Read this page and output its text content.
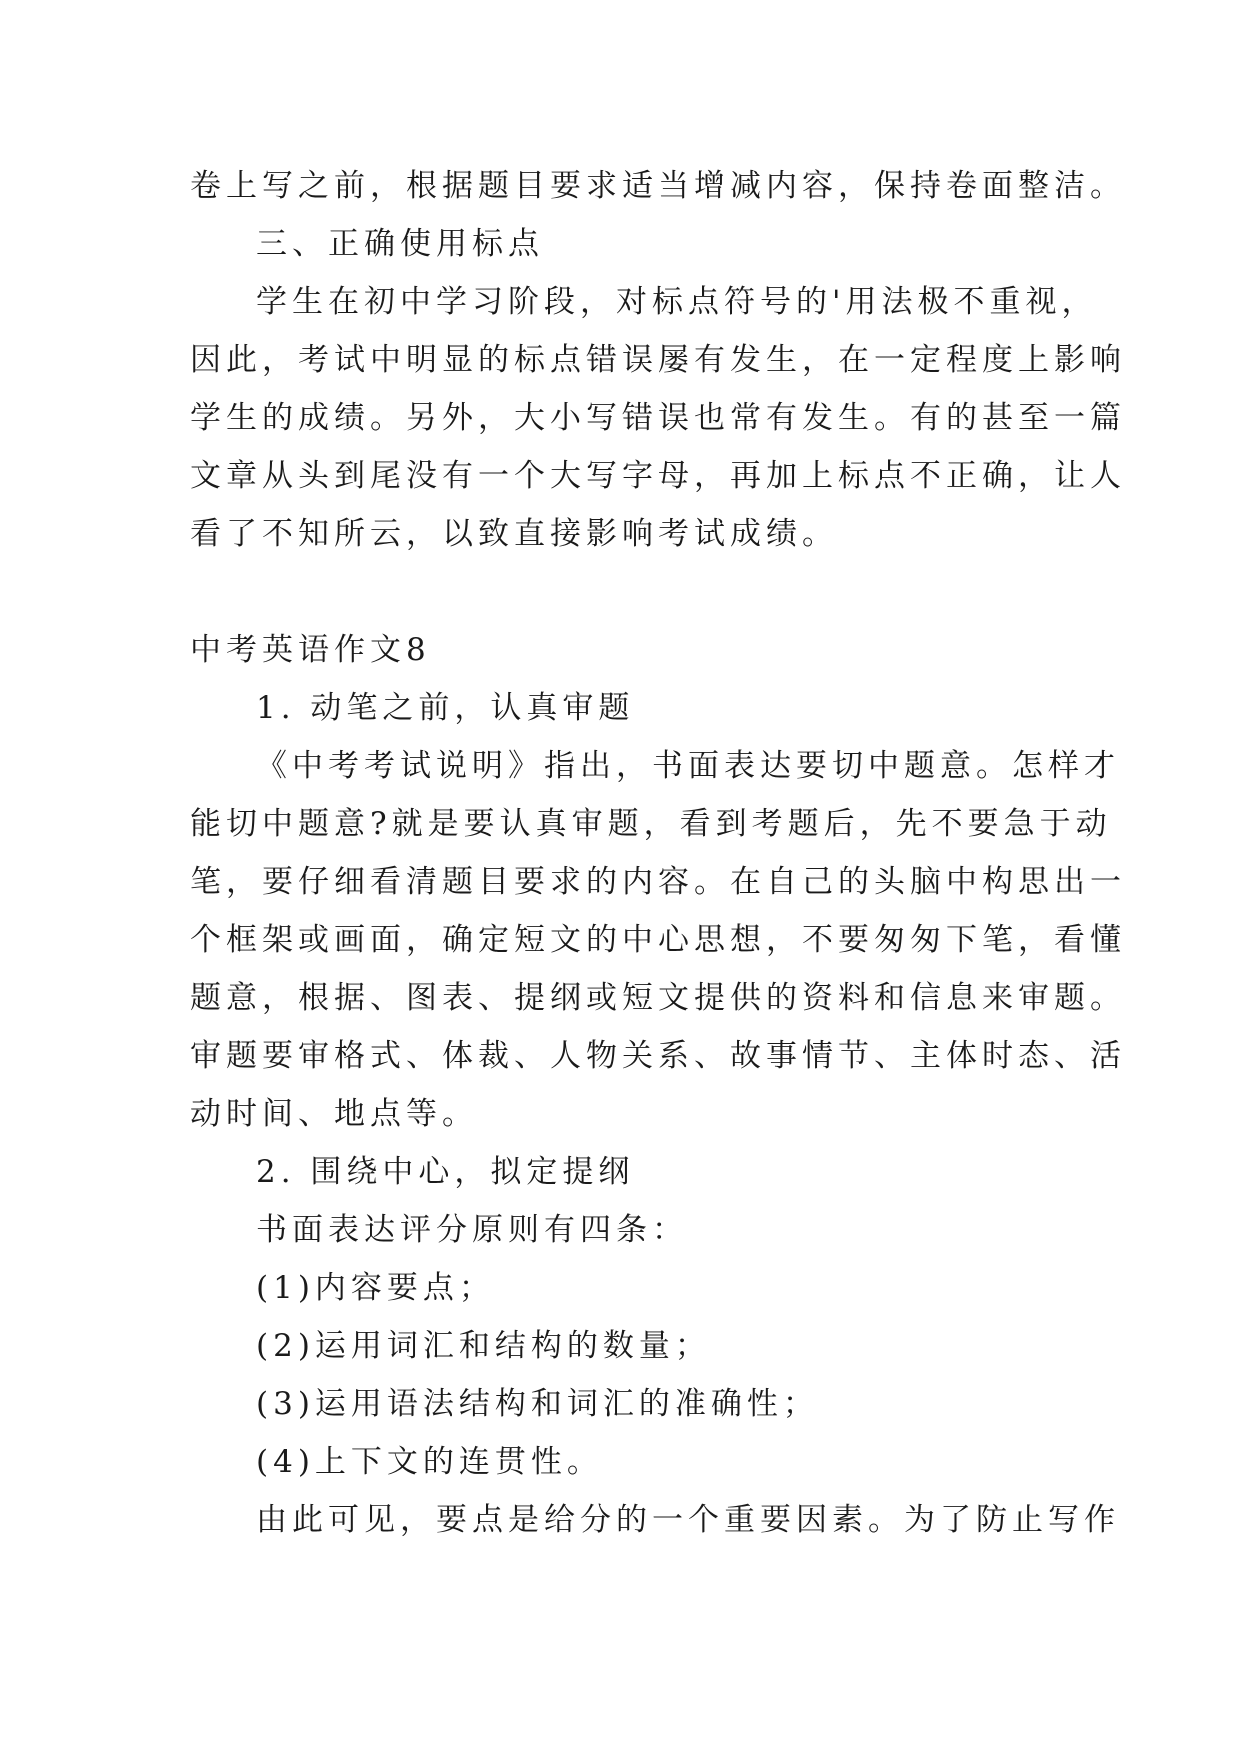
卷上写之前，根据题目要求适当增减内容，保持卷面整洁。
三、正确使用标点
学生在初中学习阶段，对标点符号的'用法极不重视，
因此，考试中明显的标点错误屡有发生，在一定程度上影响
学生的成绩。另外，大小写错误也常有发生。有的甚至一篇
文章从头到尾没有一个大写字母，再加上标点不正确，让人
看了不知所云，以致直接影响考试成绩。
中考英语作文8
1. 动笔之前，认真审题
《中考考试说明》指出，书面表达要切中题意。怎样才
能切中题意?就是要认真审题，看到考题后，先不要急于动
笔，要仔细看清题目要求的内容。在自己的头脑中构思出一
个框架或画面，确定短文的中心思想，不要匆匆下笔，看懂
题意，根据、图表、提纲或短文提供的资料和信息来审题。
审题要审格式、体裁、人物关系、故事情节、主体时态、活
动时间、地点等。
2. 围绕中心，拟定提纲
书面表达评分原则有四条：
(1)内容要点；
(2)运用词汇和结构的数量；
(3)运用语法结构和词汇的准确性；
(4)上下文的连贯性。
由此可见，要点是给分的一个重要因素。为了防止写作
